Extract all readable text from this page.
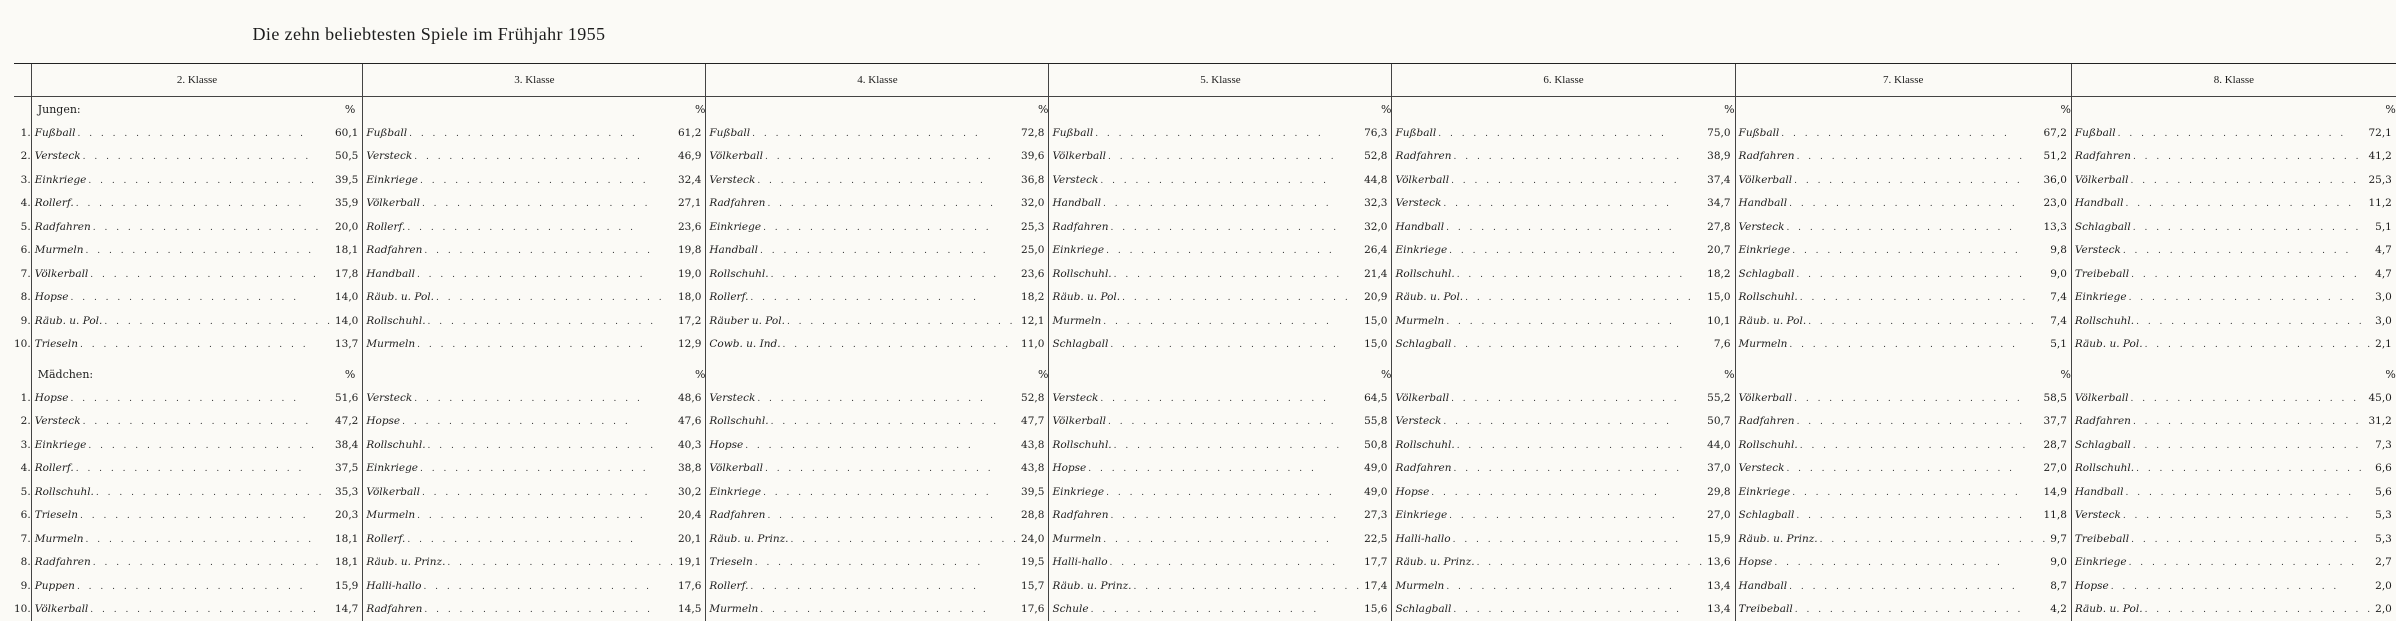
Die zehn beliebtesten Spiele im Frühjahr 1955
	2. Klasse	3. Klasse	4. Klasse	5. Klasse	6. Klasse	7. Klasse	8. Klasse

	Jungen: %	%	%	%	%	%	%
1.	Fußball . . . 60,1	Fußball . . . 61,2	Fußball . . . 72,8	Fußball . . . 76,3	Fußball . . . 75,0	Fußball . . . 67,2	Fußball . . . 72,1

2.	Versteck . . . 50,5	Versteck . . . 46,9	Völkerball . . . 39,6	Völkerball . . . 52,8	Radfahren . . . 38,9	Radfahren . . . 51,2	Radfahren . . . 41,2

3.	Einkriege . . . 39,5	Einkriege . . . 32,4	Versteck . . . 36,8	Versteck . . . 44,8	Völkerball . . . 37,4	Völkerball . . . 36,0	Völkerball . . . 25,3

4.	Rollerf. . . . 35,9	Völkerball . . . 27,1	Radfahren . . . 32,0	Handball . . . 32,3	Versteck . . . 34,7	Handball . . . 23,0	Handball . . . 11,2

5.	Radfahren . . . 20,0	Rollerf. . . . 23,6	Einkriege . . . 25,3	Radfahren . . . 32,0	Handball . . . 27,8	Versteck . . . 13,3	Schlagball . . . 5,1

6.	Murmeln . . . 18,1	Radfahren . . . 19,8	Handball . . . 25,0	Einkriege . . . 26,4	Einkriege . . . 20,7	Einkriege . . . 9,8	Versteck . . . 4,7

7.	Völkerball . . . 17,8	Handball . . . 19,0	Rollschuhl. . . . 23,6	Rollschuhl. . . . 21,4	Rollschuhl. . . . 18,2	Schlagball . . . 9,0	Treibeball . . . 4,7

8.	Hopse . . . 14,0	Räub. u. Pol. . . . 18,0	Rollerf. . . . 18,2	Räub. u. Pol. . . . 20,9	Räub. u. Pol. . . . 15,0	Rollschuhl. . . . 7,4	Einkriege . . . 3,0

9.	Räub. u. Pol. . . . 14,0	Rollschuhl. . . . 17,2	Räuber u. Pol. . . . 12,1	Murmeln . . . 15,0	Murmeln . . . 10,1	Räub. u. Pol. . . . 7,4	Rollschuhl. . . . 3,0

10.	Trieseln . . . 13,7	Murmeln . . . 12,9	Cowb. u. Ind. . . . 11,0	Schlagball . . . 15,0	Schlagball . . . 7,6	Murmeln . . . 5,1	Räub. u. Pol. . . . 2,1

	Mädchen: %	%	%	%	%	%	%
1.	Hopse . . . 51,6	Versteck . . . 48,6	Versteck . . . 52,8	Versteck . . . 64,5	Völkerball . . . 55,2	Völkerball . . . 58,5	Völkerball . . . 45,0

2.	Versteck . . . 47,2	Hopse . . . 47,6	Rollschuhl. . . . 47,7	Völkerball . . . 55,8	Versteck . . . 50,7	Radfahren . . . 37,7	Radfahren . . . 31,2

3.	Einkriege . . . 38,4	Rollschuhl. . . . 40,3	Hopse . . . 43,8	Rollschuhl. . . . 50,8	Rollschuhl. . . . 44,0	Rollschuhl. . . . 28,7	Schlagball . . . 7,3

4.	Rollerf. . . . 37,5	Einkriege . . . 38,8	Völkerball . . . 43,8	Hopse . . . 49,0	Radfahren . . . 37,0	Versteck . . . 27,0	Rollschuhl. . . . 6,6

5.	Rollschuhl. . . . 35,3	Völkerball . . . 30,2	Einkriege . . . 39,5	Einkriege . . . 49,0	Hopse . . . 29,8	Einkriege . . . 14,9	Handball . . . 5,6

6.	Trieseln . . . 20,3	Murmeln . . . 20,4	Radfahren . . . 28,8	Radfahren . . . 27,3	Einkriege . . . 27,0	Schlagball . . . 11,8	Versteck . . . 5,3

7.	Murmeln . . . 18,1	Rollerf. . . . 20,1	Räub. u. Prinz. . . . 24,0	Murmeln . . . 22,5	Halli-hallo . . . 15,9	Räub. u. Prinz. . . . 9,7	Treibeball . . . 5,3

8.	Radfahren . . . 18,1	Räub. u. Prinz. . . . 19,1	Trieseln . . . 19,5	Halli-hallo . . . 17,7	Räub. u. Prinz. . . . 13,6	Hopse . . . 9,0	Einkriege . . . 2,7

9.	Puppen . . . 15,9	Halli-hallo . . . 17,6	Rollerf. . . . 15,7	Räub. u. Prinz. . . . 17,4	Murmeln . . . 13,4	Handball . . . 8,7	Hopse . . . 2,0

10.	Völkerball . . . 14,7	Radfahren . . . 14,5	Murmeln . . . 17,6	Schule . . . 15,6	Schlagball . . . 13,4	Treibeball . . . 4,2	Räub. u. Pol. . . . 2,0
